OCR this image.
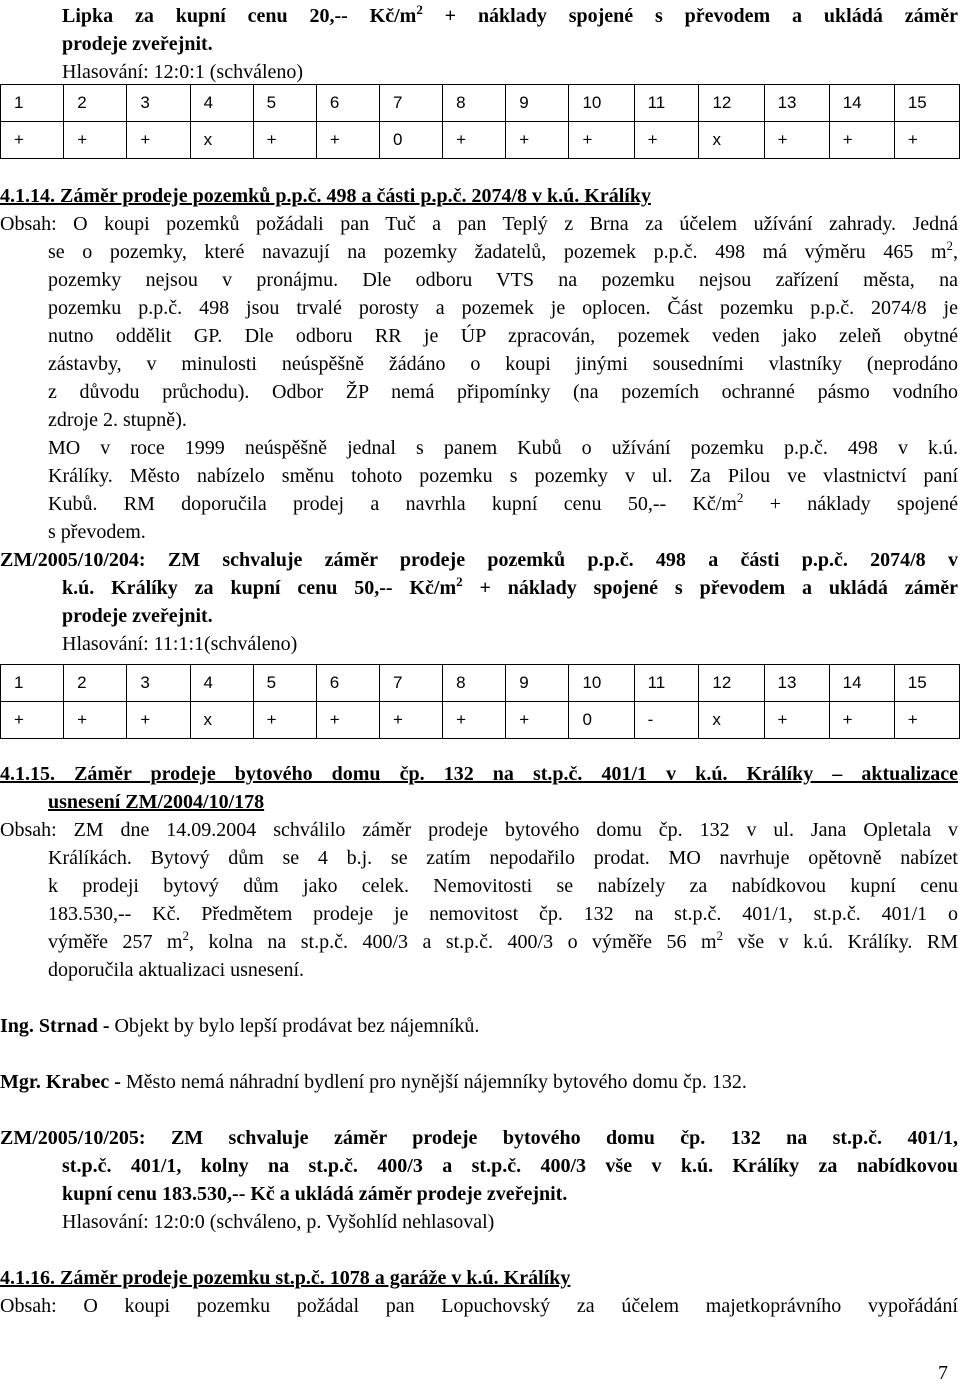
Lipka za kupní cenu 20,-- $Kč/m^2$ + náklady spojené s převodem a ukládá záměr
prodeje zveřejnit.
Hlasování: 12:0:1 (schváleno)
1	2	3	4	5	6	7	8	9	10	11	12	13	14	15
+	+	+	x	+	+	0	+	+	+	+	x	+	+	+
4.1.14. Záměr prodeje pozemků p.p.č. 498 a části p.p.č. 2074/8 v k.ú. Králíky
Obsah: O koupi pozemků požádali pan Tuč a pan Teplý z Brna za účelem užívání zahrady. Jedná
se o pozemky, které navazují na pozemky žadatelů, pozemek p.p.č. 498 má výměru 465 $m^2$,
pozemky nejsou v pronájmu. Dle odboru VTS na pozemku nejsou zařízení města, na
pozemku p.p.č. 498 jsou trvalé porosty a pozemek je oplocen. Část pozemku p.p.č. 2074/8 je
nutno oddělit GP. Dle odboru RR je ÚP zpracován, pozemek veden jako zeleň obytné
zástavby, v minulosti neúspěšně žádáno o koupi jinými sousedními vlastníky (neprodáno
z důvodu průchodu). Odbor ŽP nemá připomínky (na pozemích ochranné pásmo vodního
zdroje 2. stupně).
MO v roce 1999 neúspěšně jednal s panem Kubů o užívání pozemku p.p.č. 498 v k.ú.
Králíky. Město nabízelo směnu tohoto pozemku s pozemky v ul. Za Pilou ve vlastnictví paní
Kubů. RM doporučila prodej a navrhla kupní cenu 50,-- $Kč/m^2$ + náklady spojené
s převodem.
ZM/2005/10/204: ZM schvaluje záměr prodeje pozemků p.p.č. 498 a části p.p.č. 2074/8 v
k.ú. Králíky za kupní cenu 50,-- $Kč/m^2$ + náklady spojené s převodem a ukládá záměr
prodeje zveřejnit.
Hlasování: 11:1:1(schváleno)
1	2	3	4	5	6	7	8	9	10	11	12	13	14	15
+	+	+	x	+	+	+	+	+	0	-	x	+	+	+
4.1.15. Záměr prodeje bytového domu čp. 132 na st.p.č. 401/1 v k.ú. Králíky – aktualizace
usnesení ZM/2004/10/178
Obsah: ZM dne 14.09.2004 schválilo záměr prodeje bytového domu čp. 132 v ul. Jana Opletala v
Králíkách. Bytový dům se 4 b.j. se zatím nepodařilo prodat. MO navrhuje opětovně nabízet
k prodeji bytový dům jako celek. Nemovitosti se nabízely za nabídkovou kupní cenu
183.530,-- Kč. Předmětem prodeje je nemovitost čp. 132 na st.p.č. 401/1, st.p.č. 401/1 o
výměře 257 $m^2$, kolna na st.p.č. 400/3 a st.p.č. 400/3 o výměře 56 $m^2$ vše v k.ú. Králíky. RM
doporučila aktualizaci usnesení.
Ing. Strnad - Objekt by bylo lepší prodávat bez nájemníků.
Mgr. Krabec - Město nemá náhradní bydlení pro nynější nájemníky bytového domu čp. 132.
ZM/2005/10/205: ZM schvaluje záměr prodeje bytového domu čp. 132 na st.p.č. 401/1,
st.p.č. 401/1, kolny na st.p.č. 400/3 a st.p.č. 400/3 vše v k.ú. Králíky za nabídkovou
kupní cenu 183.530,-- Kč a ukládá záměr prodeje zveřejnit.
Hlasování: 12:0:0 (schváleno, p. Vyšohlíd nehlasoval)
4.1.16. Záměr prodeje pozemku st.p.č. 1078 a garáže v k.ú. Králíky
Obsah: O koupi pozemku požádal pan Lopuchovský za účelem majetkoprávního vypořádání
7
